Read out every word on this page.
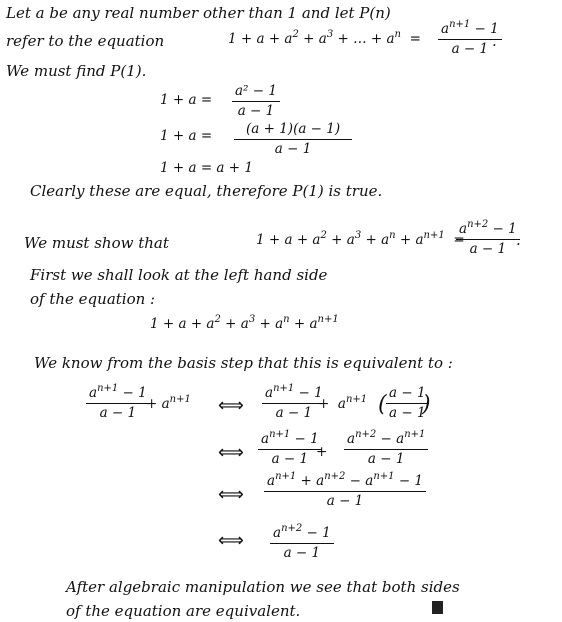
Let a be any real number other than 1 and let P(n)
refer to the equation	$1 + a + a^2 + a^3$ + … + $a^n = \frac{a^{n+1} - 1}{a - 1}$
.
We must find P(1).
$1 + a = \frac{\text{a² − 1}}{a - 1}$
$1 + a = \frac{(a + 1)(a - 1)}{a - 1}$
1 + a = a + 1
Clearly these are equal, therefore P(1) is true.
We must show that	$1 + a + a^2 + a^3 + a^n + a^{n+1}$  =
$\frac{a^{n+2} - 1}{a - 1}$
.
First we shall look at the left hand side
of the equation :
$1 + a + a^2 + a^3 + a^n + a^{n+1}$
We know from the basis step that this is equivalent to :
$\frac{a^{n+1} - 1}{a - 1}$
+ $a^{n+1}$ ⟺ $\frac{a^{n+1} - 1}{a - 1}$
+  $a^{n+1}$ ( $\frac{a - 1}{a - 1}$
)
⟺ $\frac{a^{n+1} - 1}{a - 1}$
+ $\frac{a^{n+2} - a^{n+1}}{a - 1}$
⟺ $\frac{a^{n+1} + a^{n+2} - a^{n+1} - 1}{a - 1}$
⟺ $\frac{a^{n+2} - 1}{a - 1}$
After algebraic manipulation we see that both sides
of the equation are equivalent.
